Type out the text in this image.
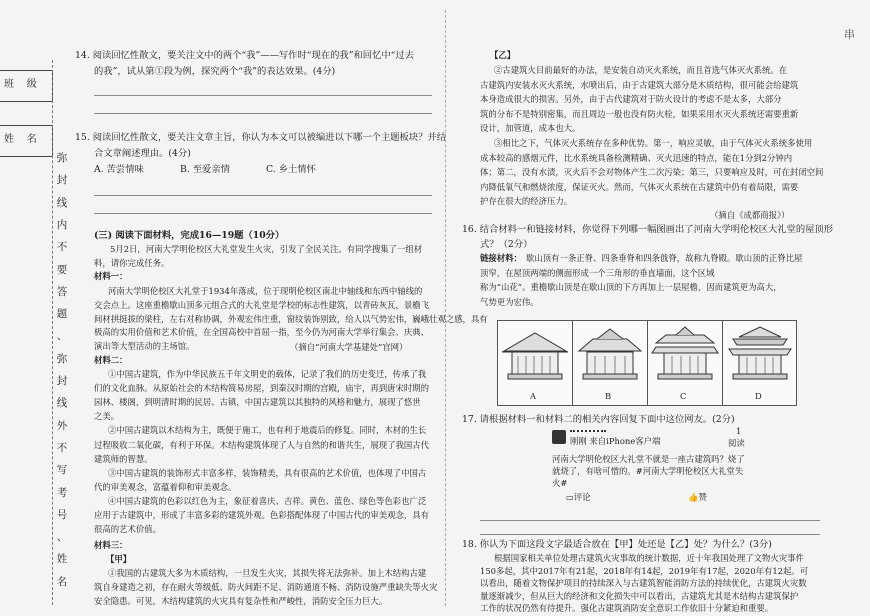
班    级
姓    名
弥
封
线
内
不
要
答
题
、
弥
封
线
外
不
写
考
号
、
姓
名
串
14. 阅读回忆性散文，要关注文中的两个“我”——写作时“现在的我”和回忆中“过去
的我”，试从第①段为例，探究两个“我”的表达效果。(4分)
15. 阅读回忆性散文，要关注文章主旨，你认为本文可以被编进以下哪一个主题板块？并结
合文章阐述理由。(4分)
A. 苦尝情味	B. 至爱亲情	C. 乡土情怀
(三) 阅读下面材料，完成16—19题（10分）
5月2日，河南大学明伦校区大礼堂发生火灾，引发了全民关注。有同学搜集了一组材
料，请你完成任务。
材料一：
河南大学明伦校区大礼堂于1934年落成，位于现明伦校区南北中轴线和东西中轴线的
交会点上。这座重檐歇山顶多元组合式的大礼堂是学校的标志性建筑，以青砖灰瓦，景檐飞
间材拱挺拔的梁柱，左右对称协调，外观宏伟庄重，窗纹装饰别致，给人以气势宏伟，巍峨壮观之感，具有
极高的实用价值和艺术价值，在全国高校中首屈一指，至今仍为河南大学举行集会、庆典、
演出等大型活动的主场馆。	（摘自“河南大学基建处”官网）
材料二：
①中国古建筑，作为中华民族五千年文明史的载体，记录了我们的历史变迁，传承了我
们的文化血脉。从原始社会的木结构简易房屋，到秦汉时期的宫殿，庙宇，再到唐宋时期的
园林、楼阁，到明清时期的民居、古镇，中国古建筑以其独特的风格和魅力，展现了悠世
之美。
②中国古建筑以木结构为主，既便于施工，也有利于地震后的修复。同时，木材的生长
过程吸收二氧化碳，有利于环保。木结构建筑体现了人与自然的和谐共生，展现了我国古代
建筑师的智慧。
③中国古建筑的装饰形式丰富多样，装饰精美，具有很高的艺术价值，也体现了中国古
代的审美观念，富蕴着仰和审美观念。
④中国古建筑的色彩以红色为主，象征着喜庆、吉祥。黄色、蓝色、绿色等色彩也广泛
应用于古建筑中，形成了丰富多彩的建筑外观。色彩搭配体现了中国古代的审美观念，具有
很高的艺术价值。
材料三：
【甲】
①我国的古建筑大多为木质结构，一旦发生火灾，其损失将无法弥补。加上木结构古建
筑自身建造之初，存在耐火等级低、防火间距不足、消防通道不畅、消防设施严重缺失等火灾
安全隐患。可见，木结构建筑的火灾具有复杂性和严峻性，消防安全压力巨大。
【乙】
②古建筑火目前最好的办法，是安装自动灭火系统，而且首选气体灭火系统。在
古建筑内安装水灭火系统，水喷出后，由于古建筑大部分是木质结构，很可能会给建筑
本身造成很大的损害。另外，由于古代建筑对于防火设计的考虑不是太多，大部分
筑的分布不是特别密集，而且周边一般也没有防火栓，如果采用水灭火系统还需要重新
设计，加管道，成本也大。
③相比之下，气体灭火系统存在多种优势。第一，响应灵敏，由于气体灭火系统多使用
成本较高的感烟元件，比水系统具备检测精确、灭火迅速的特点，能在1分到2分钟内
体；第二，没有水渍，灭火后不会对物体产生二次污染；第三，只要响应及时，可在封闭空间
内降低氧气和燃烧浓度，保证灭火。然而，气体灭火系统在古建筑中仍有着局限，需要
护存在很大的经济压力。
（摘自《成都商报》）
16. 结合材料一和链接材料，你觉得下列哪一幅图画出了河南大学明伦校区大礼堂的屋顶形
式？（2分）
链接材料： 歇山顶有一条正脊、四条垂脊和四条戗脊，故称九脊殿。歇山顶的正脊比屋
顶窄，在屋顶两端的侧面形成一个三角形的垂直墙面，这个区域
称为“山花”。重檐歇山顶是在歇山顶的下方再加上一层屋檐，因而建筑更为高大，
气势更为宏伟。
A	B	C	D
17. 请根据材料一和材料二的相关内容回复下面中这位网友。(2分)
刚刚 来自iPhone客户端
1
阅读
河南大学明伦校区大礼堂不就是一座古建筑吗？烧了
就烧了，有啥可惜的。#河南大学明伦校区大礼堂失
火#
▭评论	👍赞
18. 你认为下面这段文字最适合放在【甲】处还是【乙】处？为什么？(3分)
根据国家相关单位处理古建筑火灾事故的统计数据，近十年我国处理了文物火灾事件
150多起，其中2017年有21起，2018年有14起，2019年有17起，2020年有12起。可
以看出，随着文物保护项目的持续深入与古建筑智能消防方法的持续优化，古建筑火灾数
量逐渐减少，但从巨大的经济和文化损失中可以看出，古建筑尤其是木结构古建筑保护
工作的状况仍然有待提升。强化古建筑消防安全意识工作依旧十分紧迫和重要。
